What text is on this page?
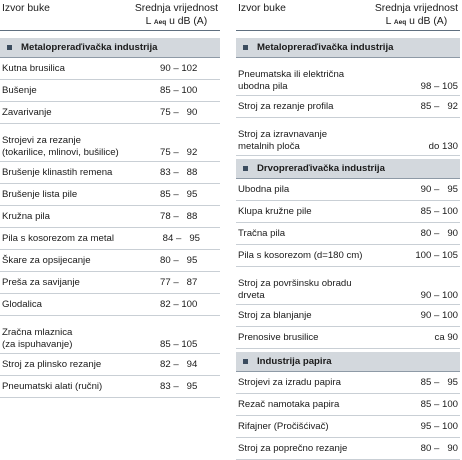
Izvor buke	Srednja vrijednost
L Aeq u dB (A)
Metalopreraďivačka industrija
Kutna brusilica	90 – 102
Bušenje	85 – 100
Zavarivanje	75 –   90
Strojevi za rezanje
(tokarilice, mlinovi, bušilice)	75 –   92
Brušenje klinastih remena	83 –   88
Brušenje lista pile	85 –   95
Kružna pila	78 –   88
Pila s kosorezom za metal	84 –   95
Škare za opsijecanje	80 –   95
Preša za savijanje	77 –   87
Glodalica	82 – 100
Zračna mlaznica
(za ispuhavanje)	85 – 105
Stroj za plinsko rezanje	82 –   94
Pneumatski alati (ručni)	83 –   95
Izvor buke	Srednja vrijednost
L Aeq u dB (A)
Metalopreraďivačka industrija
Pneumatska ili električna
ubodna pila	98 – 105
Stroj za rezanje profila	85 –   92
Stroj za izravnavanje
metalnih ploča	do 130
Drvopreraďivačka industrija
Ubodna pila	90 –   95
Klupa kružne pile	85 – 100
Tračna pila	80 –   90
Pila s kosorezom (d=180 cm)	100 – 105
Stroj za površinsku obradu
drveta	90 – 100
Stroj za blanjanje	90 – 100
Prenosive brusilice	ca 90
Industrija papira
Strojevi za izradu papira	85 –   95
Rezač namotaka papira	85 – 100
Rifajner (Pročišćivač)	95 – 100
Stroj za poprečno rezanje	80 –   90
